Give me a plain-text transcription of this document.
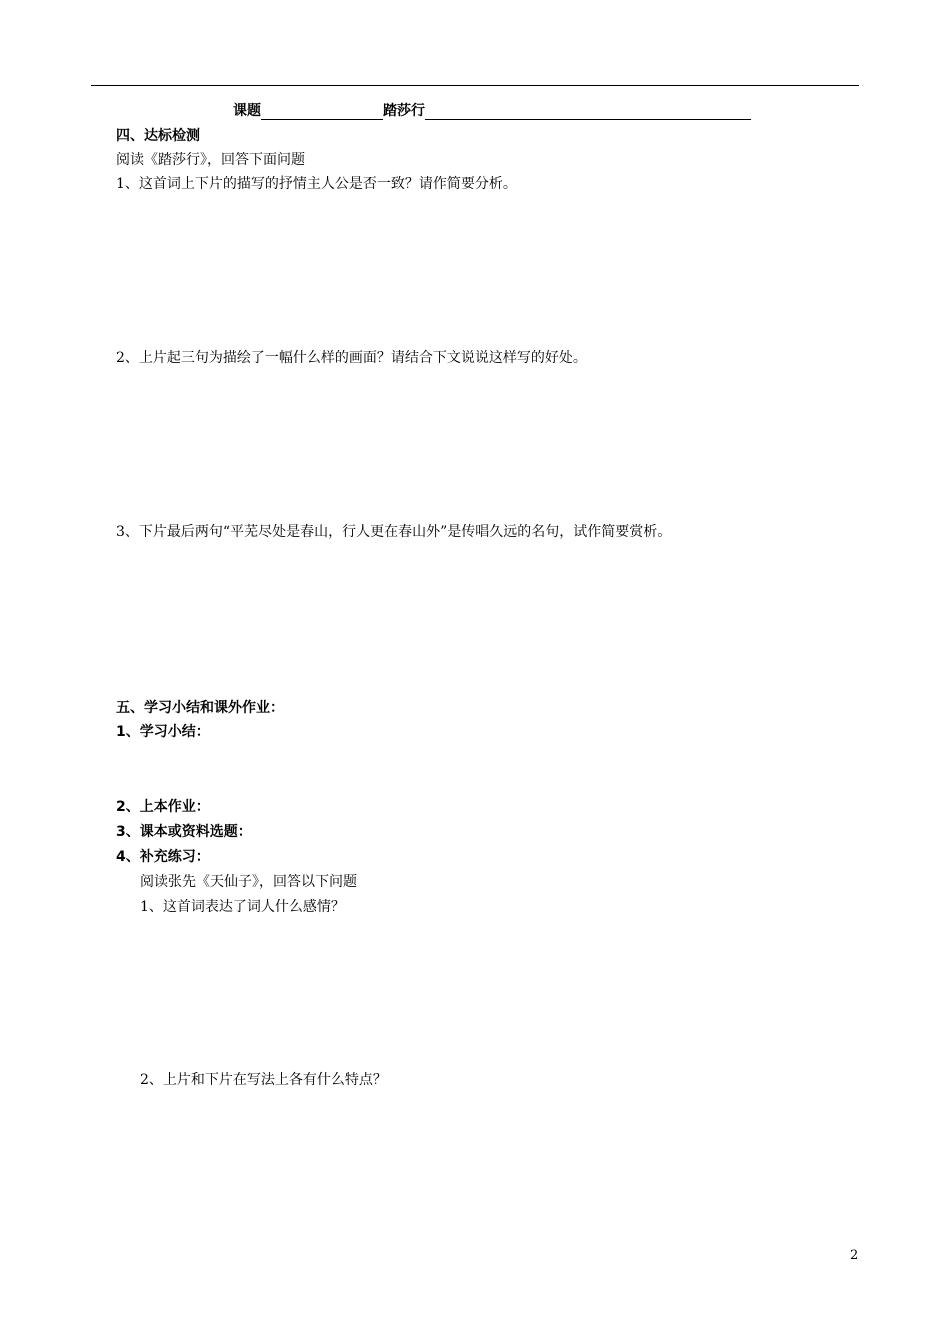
课题	踏莎行
四、达标检测
阅读《踏莎行》，回答下面问题
1、这首词上下片的描写的抒情主人公是否一致？请作简要分析。
2、上片起三句为描绘了一幅什么样的画面？请结合下文说说这样写的好处。
3、下片最后两句“平芜尽处是春山，行人更在春山外”是传唱久远的名句，试作简要赏析。
五、学习小结和课外作业：
1、学习小结：
2、上本作业：
3、课本或资料选题：
4、补充练习：
阅读张先《天仙子》，回答以下问题
1、这首词表达了词人什么感情？
2、上片和下片在写法上各有什么特点？
2
